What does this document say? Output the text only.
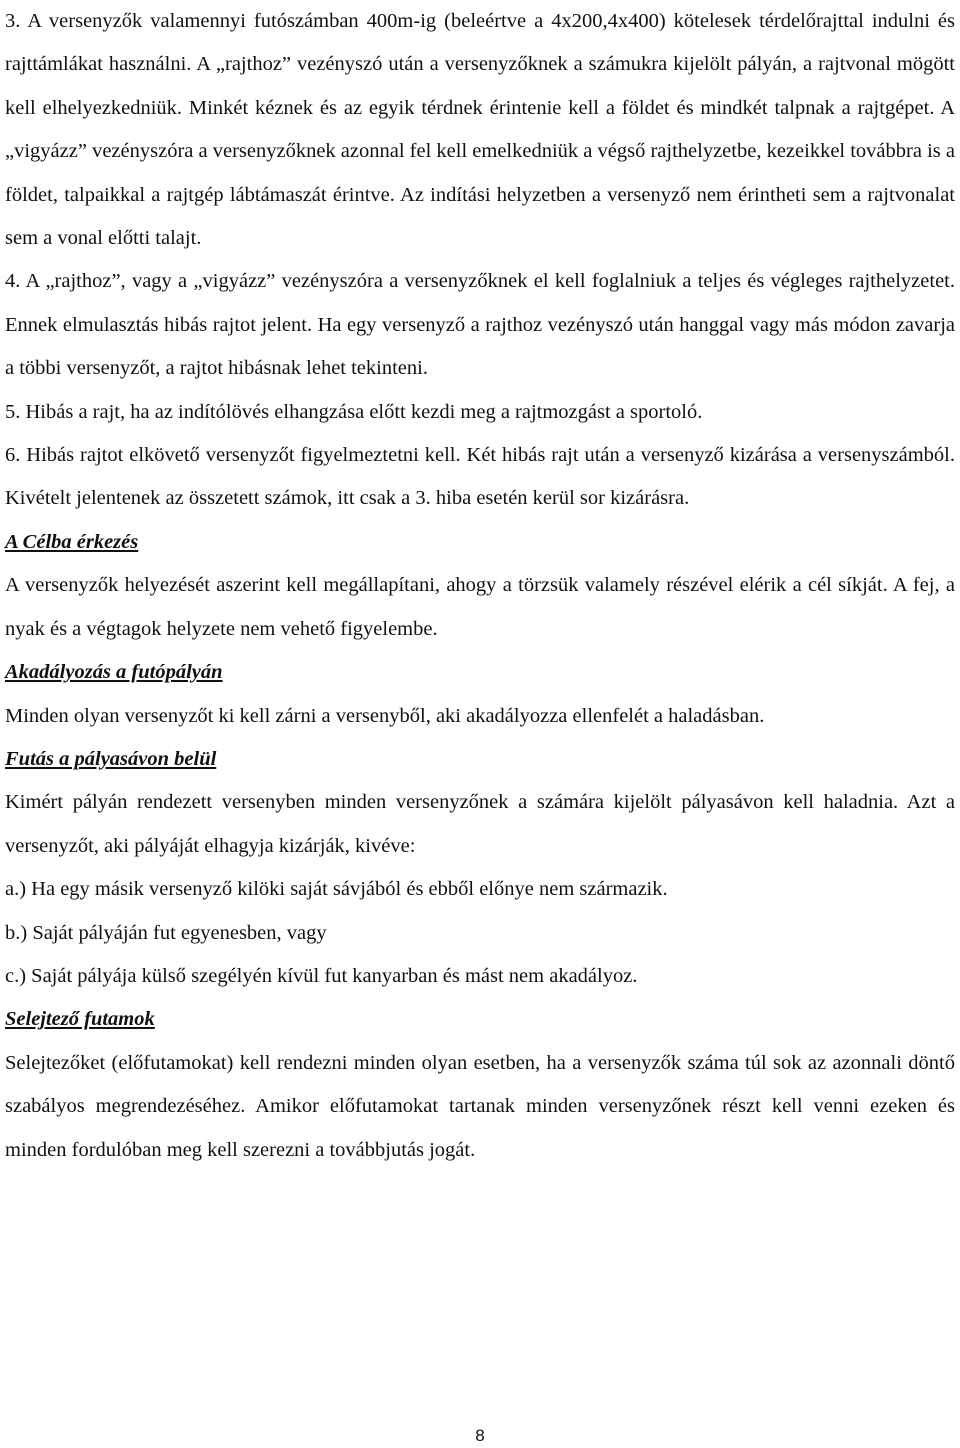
3. A versenyzők valamennyi futószámban 400m-ig (beleértve a 4x200,4x400) kötelesek térdelőrajttal indulni és rajttámlákat használni. A „rajthoz” vezényszó után a versenyzőknek a számukra kijelölt pályán, a rajtvonal mögött kell elhelyezkedniük. Minkét kéznek és az egyik térdnek érintenie kell a földet és mindkét talpnak a rajtgépet. A „vigyázz” vezényszóra a versenyzőknek azonnal fel kell emelkedniük a végső rajthelyzetbe, kezeikkel továbbra is a földet, talpaikkal a rajtgép lábtámaszát érintve. Az indítási helyzetben a versenyző nem érintheti sem a rajtvonalat sem a vonal előtti talajt.

4. A „rajthoz”, vagy a „vigyázz” vezényszóra a versenyzőknek el kell foglalniuk a teljes és végleges rajthelyzetet. Ennek elmulasztás hibás rajtot jelent. Ha egy versenyző a rajthoz vezényszó után hanggal vagy más módon zavarja a többi versenyzőt, a rajtot hibásnak lehet tekinteni.

5. Hibás a rajt, ha az indítólövés elhangzása előtt kezdi meg a rajtmozgást a sportoló.

6. Hibás rajtot elkövető versenyzőt figyelmeztetni kell. Két hibás rajt után a versenyző kizárása a versenyszámból. Kivételt jelentenek az összetett számok, itt csak a 3. hiba esetén kerül sor kizárásra.

A Célba érkezés

A versenyzők helyezését aszerint kell megállapítani, ahogy a törzsük valamely részével elérik a cél síkját. A fej, a nyak és a végtagok helyzete nem vehető figyelembe.

Akadályozás a futópályán

Minden olyan versenyzőt ki kell zárni a versenyből, aki akadályozza ellenfelét a haladásban.

Futás a pályasávon belül

Kimért pályán rendezett versenyben minden versenyzőnek a számára kijelölt pályasávon kell haladnia. Azt a versenyzőt, aki pályáját elhagyja kizárják, kivéve:

a.) Ha egy másik versenyző kilöki saját sávjából és ebből előnye nem származik.

b.) Saját pályáján fut egyenesben, vagy

c.) Saját pályája külső szegélyén kívül fut kanyarban és mást nem akadályoz.

Selejtező futamok

Selejtezőket (előfutamokat) kell rendezni minden olyan esetben, ha a versenyzők száma túl sok az azonnali döntő szabályos megrendezéséhez. Amikor előfutamokat tartanak minden versenyzőnek részt kell venni ezeken és minden fordulóban meg kell szerezni a továbbjutás jogát.

8
